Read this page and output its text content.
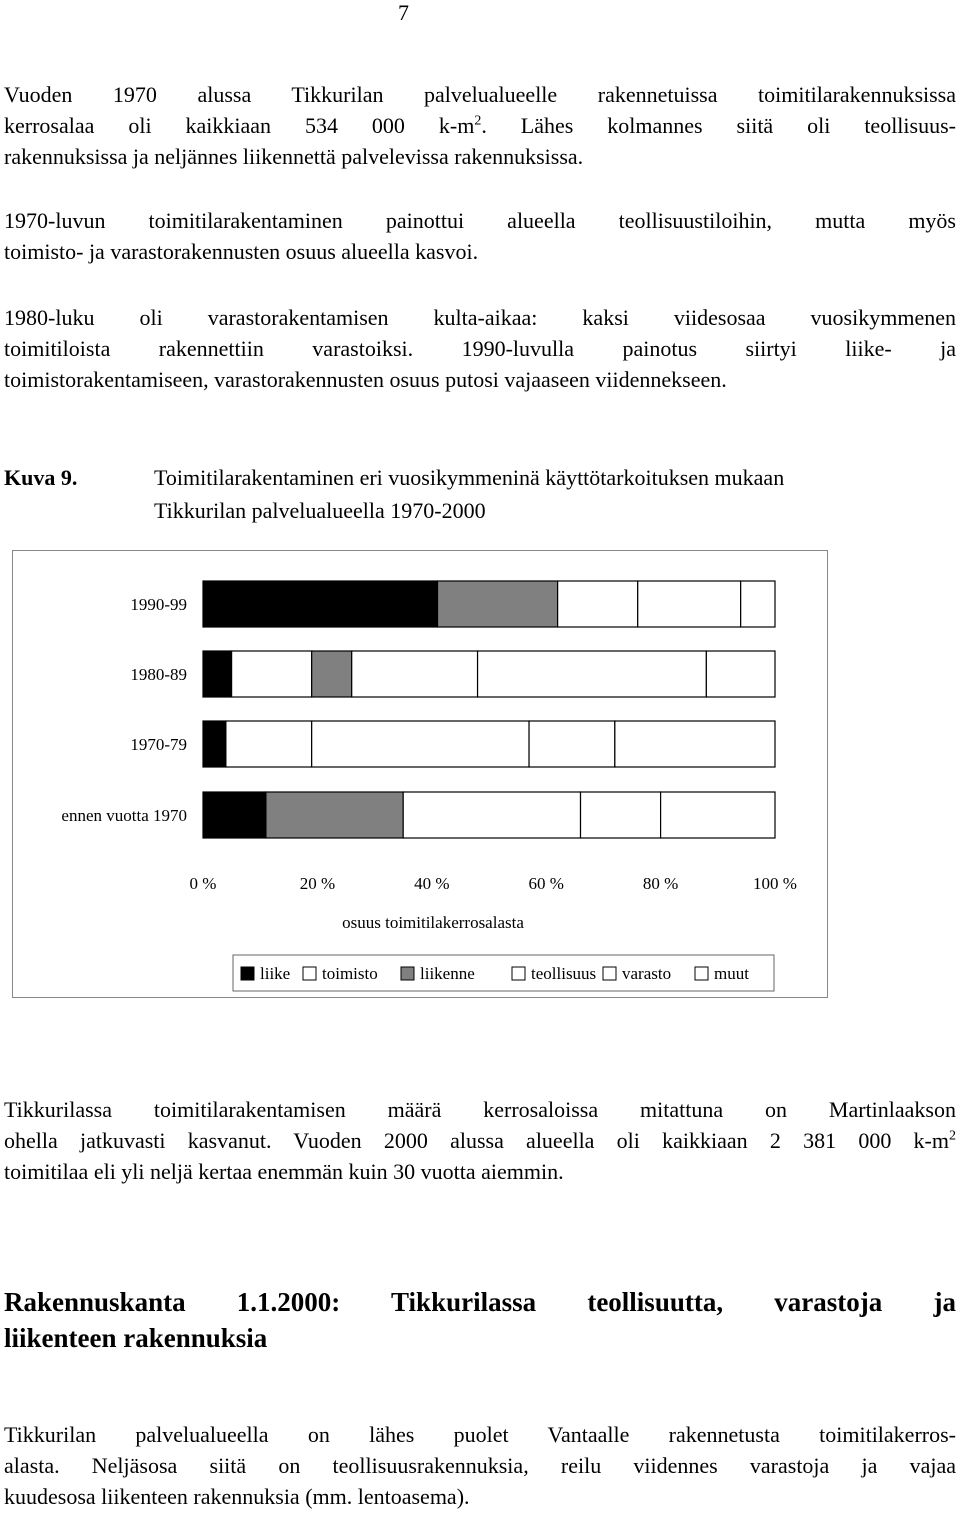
7
Vuoden 1970 alussa Tikkurilan palvelualueelle rakennetuissa toimitilarakennuksissa
kerrosalaa oli kaikkiaan 534 000 $k-m^2$. Lähes kolmannes siitä oli teollisuus-
rakennuksissa ja neljännes liikennettä palvelevissa rakennuksissa.
1970-luvun toimitilarakentaminen painottui alueella teollisuustiloihin, mutta myös
toimisto- ja varastorakennusten osuus alueella kasvoi.
1980-luku oli varastorakentamisen kulta-aikaa: kaksi viidesosaa vuosikymmenen
toimitiloista rakennettiin varastoiksi. 1990-luvulla painotus siirtyi liike- ja
toimistorakentamiseen, varastorakennusten osuus putosi vajaaseen viidennekseen.
Kuva 9.	Toimitilarakentaminen eri vuosikymmeninä käyttötarkoituksen mukaan
Tikkurilan palvelualueella 1970-2000
1990-99
1980-89
1970-79
ennen vuotta 1970
0 %	20 %	40 %	60 %	80 %	100 %
osuus toimitilakerrosalasta
liike toimisto liikenne	teollisuus varasto	muut
Tikkurilassa toimitilarakentamisen määrä kerrosaloissa mitattuna on Martinlaakson
ohella jatkuvasti kasvanut. Vuoden 2000 alussa alueella oli kaikkiaan 2 381 000 $k-m^2$
toimitilaa eli yli neljä kertaa enemmän kuin 30 vuotta aiemmin.
Rakennuskanta 1.1.2000: Tikkurilassa teollisuutta, varastoja ja
liikenteen rakennuksia
Tikkurilan palvelualueella on lähes puolet Vantaalle rakennetusta toimitilakerros-
alasta. Neljäsosa siitä on teollisuusrakennuksia, reilu viidennes varastoja ja vajaa
kuudesosa liikenteen rakennuksia (mm. lentoasema).
